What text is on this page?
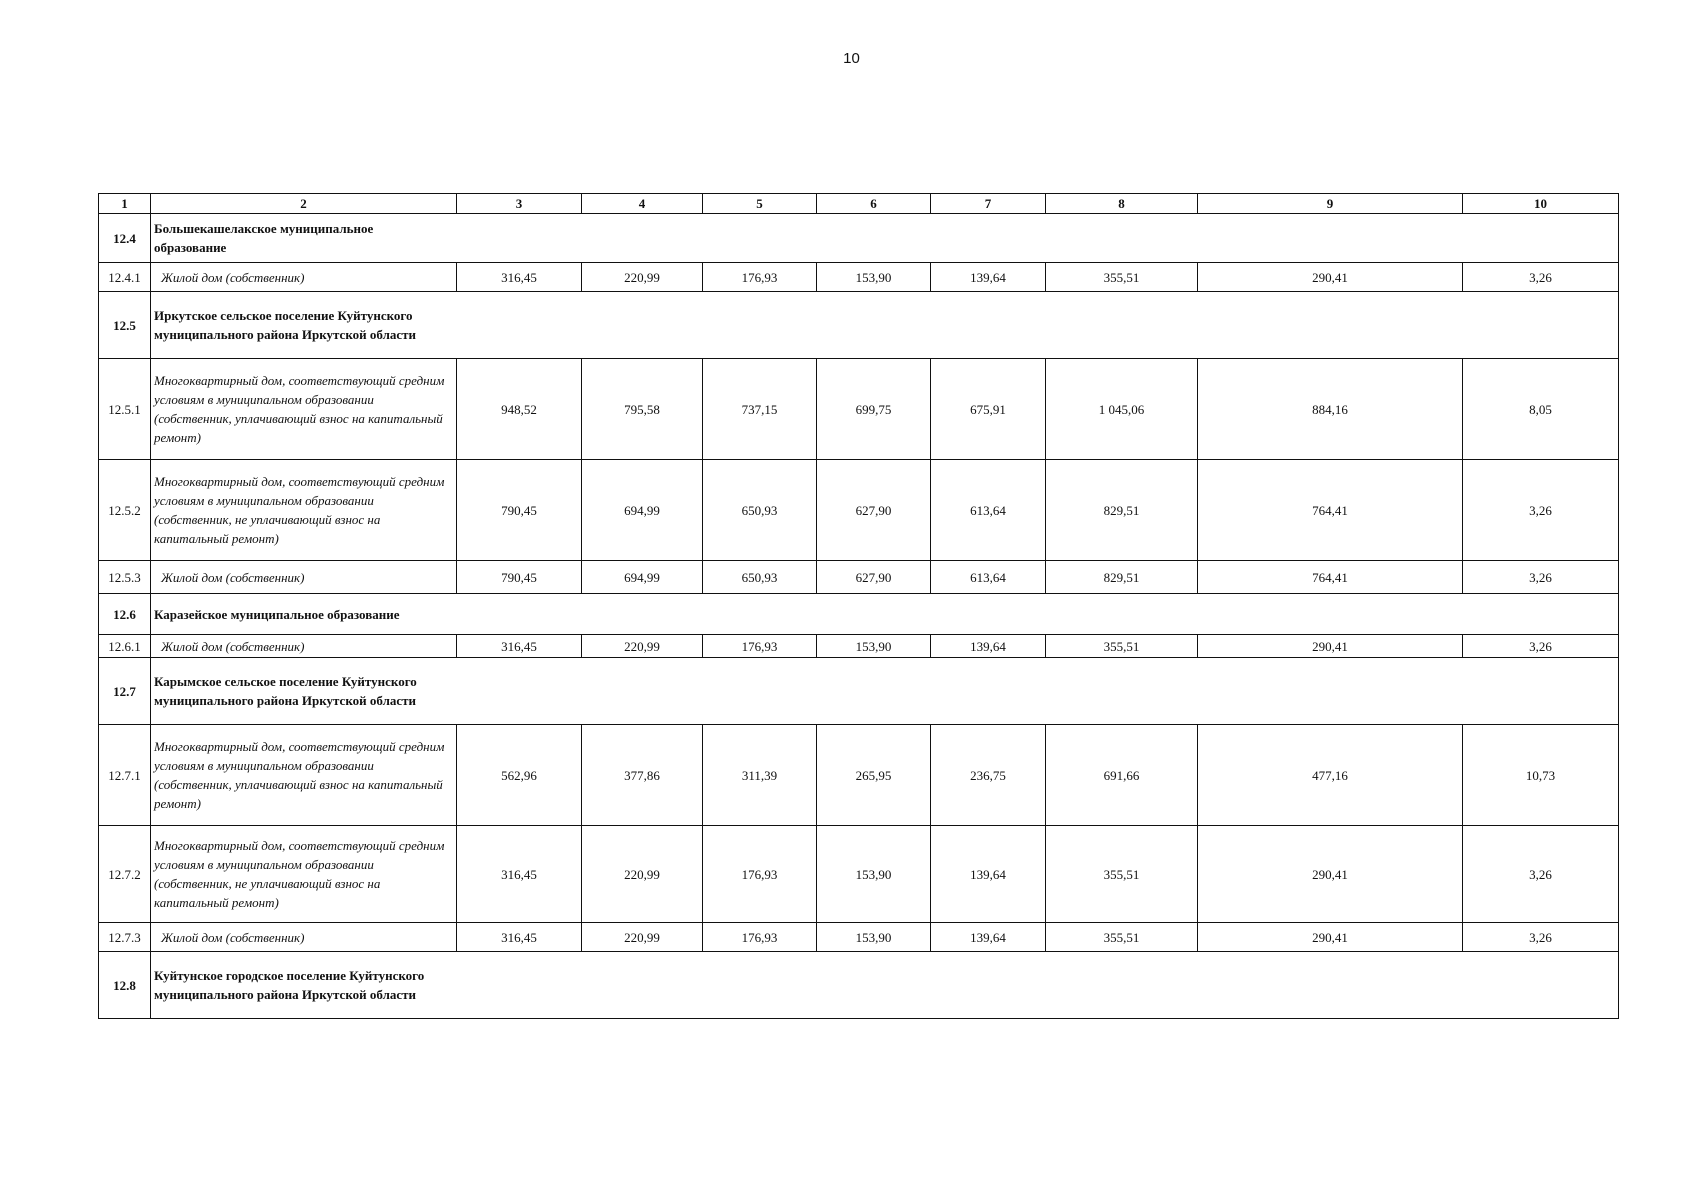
10
1	2	3	4	5	6	7	8	9	10
12.4	Большекашелакское муниципальное образование								

12.4.1	Жилой дом (собственник)	316,45	220,99	176,93	153,90	139,64	355,51	290,41	3,26
12.5	Иркутское сельское поселение Куйтунского муниципального района Иркутской области								

12.5.1	Многоквартирный дом, соответствующий средним условиям в муниципальном образовании (собственник, уплачивающий взнос на капитальный ремонт)	948,52	795,58	737,15	699,75	675,91	1 045,06	884,16	8,05
12.5.2	Многоквартирный дом, соответствующий средним условиям в муниципальном образовании (собственник, не уплачивающий взнос на капитальный ремонт)	790,45	694,99	650,93	627,90	613,64	829,51	764,41	3,26
12.5.3	Жилой дом (собственник)	790,45	694,99	650,93	627,90	613,64	829,51	764,41	3,26
12.6	Каразейское муниципальное образование								
12.6.1	Жилой дом (собственник)	316,45	220,99	176,93	153,90	139,64	355,51	290,41	3,26
12.7	Карымское сельское поселение Куйтунского муниципального района Иркутской области								

12.7.1	Многоквартирный дом, соответствующий средним условиям в муниципальном образовании (собственник, уплачивающий взнос на капитальный ремонт)	562,96	377,86	311,39	265,95	236,75	691,66	477,16	10,73
12.7.2	Многоквартирный дом, соответствующий средним условиям в муниципальном образовании (собственник, не уплачивающий взнос на капитальный ремонт)	316,45	220,99	176,93	153,90	139,64	355,51	290,41	3,26
12.7.3	Жилой дом (собственник)	316,45	220,99	176,93	153,90	139,64	355,51	290,41	3,26
12.8	Куйтунское городское поселение Куйтунского муниципального района Иркутской области								
